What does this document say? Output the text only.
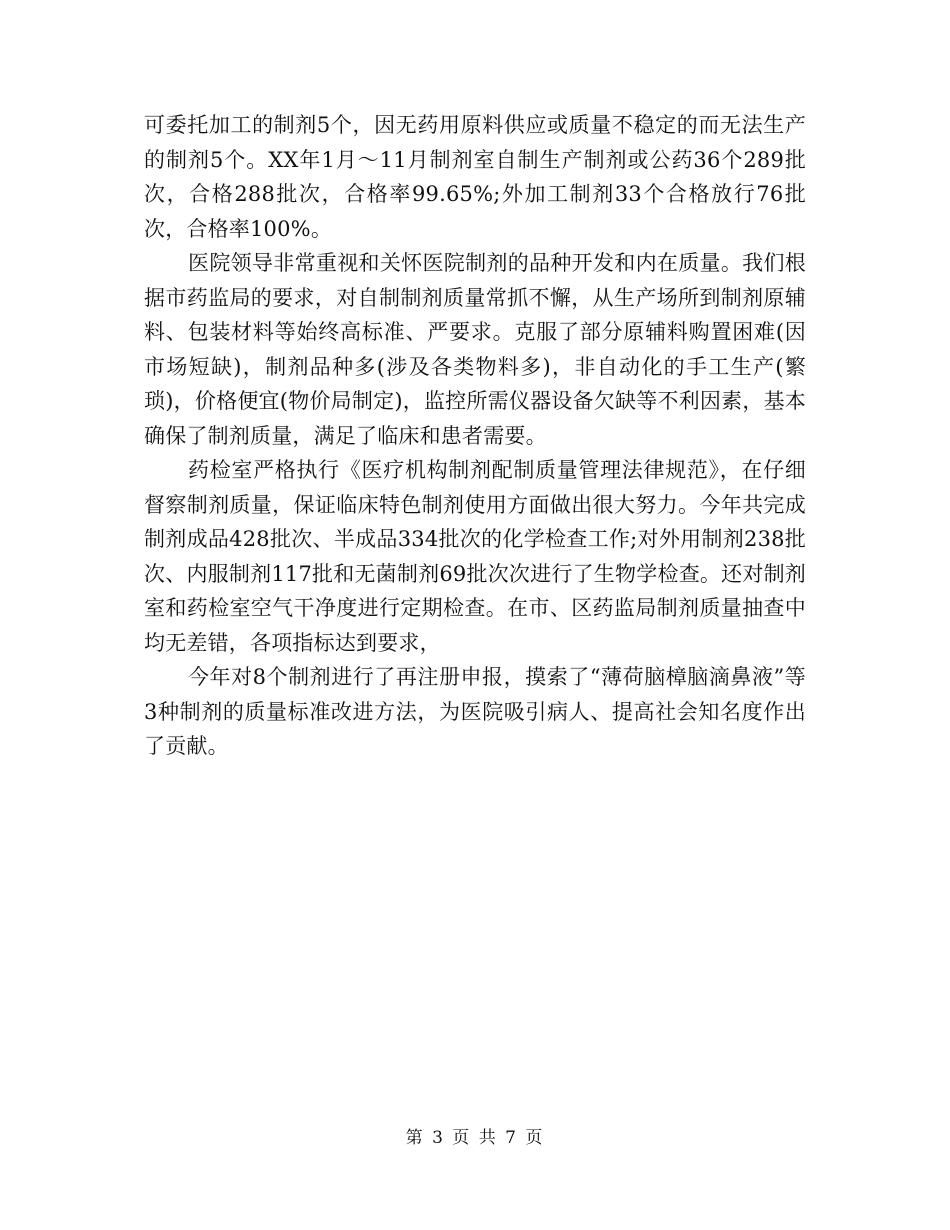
可委托加工的制剂5个，因无药用原料供应或质量不稳定的而无法生产的制剂5个。XX年1月～11月制剂室自制生产制剂或公药36个289批次，合格288批次，合格率99.65%;外加工制剂33个合格放行76批次，合格率100%。

医院领导非常重视和关怀医院制剂的品种开发和内在质量。我们根据市药监局的要求，对自制制剂质量常抓不懈，从生产场所到制剂原辅料、包装材料等始终高标准、严要求。克服了部分原辅料购置困难(因市场短缺)，制剂品种多(涉及各类物料多)，非自动化的手工生产(繁琐)，价格便宜(物价局制定)，监控所需仪器设备欠缺等不利因素，基本确保了制剂质量，满足了临床和患者需要。

药检室严格执行《医疗机构制剂配制质量管理法律规范》，在仔细督察制剂质量，保证临床特色制剂使用方面做出很大努力。今年共完成制剂成品428批次、半成品334批次的化学检查工作;对外用制剂238批次、内服制剂117批和无菌制剂69批次次进行了生物学检查。还对制剂室和药检室空气干净度进行定期检查。在市、区药监局制剂质量抽查中均无差错，各项指标达到要求，

今年对8个制剂进行了再注册申报，摸索了“薄荷脑樟脑滴鼻液”等3种制剂的质量标准改进方法，为医院吸引病人、提高社会知名度作出了贡献。

第 3 页 共 7 页
